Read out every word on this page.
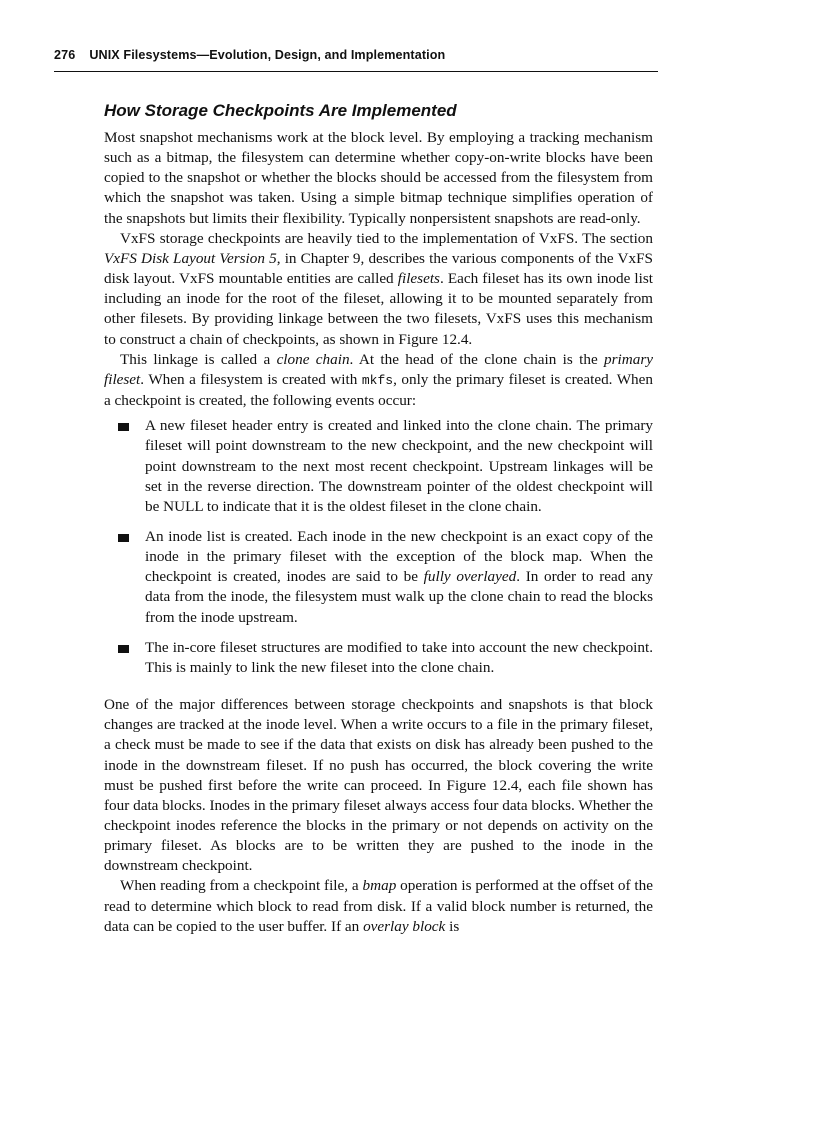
276 UNIX Filesystems—Evolution, Design, and Implementation
How Storage Checkpoints Are Implemented

Most snapshot mechanisms work at the block level. By employing a tracking mechanism such as a bitmap, the filesystem can determine whether copy-on-write blocks have been copied to the snapshot or whether the blocks should be accessed from the filesystem from which the snapshot was taken. Using a simple bitmap technique simplifies operation of the snapshots but limits their flexibility. Typically nonpersistent snapshots are read-only.

VxFS storage checkpoints are heavily tied to the implementation of VxFS. The section VxFS Disk Layout Version 5, in Chapter 9, describes the various components of the VxFS disk layout. VxFS mountable entities are called filesets. Each fileset has its own inode list including an inode for the root of the fileset, allowing it to be mounted separately from other filesets. By providing linkage between the two filesets, VxFS uses this mechanism to construct a chain of checkpoints, as shown in Figure 12.4.

This linkage is called a clone chain. At the head of the clone chain is the primary fileset. When a filesystem is created with mkfs, only the primary fileset is created. When a checkpoint is created, the following events occur:

A new fileset header entry is created and linked into the clone chain. The primary fileset will point downstream to the new checkpoint, and the new checkpoint will point downstream to the next most recent checkpoint. Upstream linkages will be set in the reverse direction. The downstream pointer of the oldest checkpoint will be NULL to indicate that it is the oldest fileset in the clone chain.
An inode list is created. Each inode in the new checkpoint is an exact copy of the inode in the primary fileset with the exception of the block map. When the checkpoint is created, inodes are said to be fully overlayed. In order to read any data from the inode, the filesystem must walk up the clone chain to read the blocks from the inode upstream.
The in-core fileset structures are modified to take into account the new checkpoint. This is mainly to link the new fileset into the clone chain.

One of the major differences between storage checkpoints and snapshots is that block changes are tracked at the inode level. When a write occurs to a file in the primary fileset, a check must be made to see if the data that exists on disk has already been pushed to the inode in the downstream fileset. If no push has occurred, the block covering the write must be pushed first before the write can proceed. In Figure 12.4, each file shown has four data blocks. Inodes in the primary fileset always access four data blocks. Whether the checkpoint inodes reference the blocks in the primary or not depends on activity on the primary fileset. As blocks are to be written they are pushed to the inode in the downstream checkpoint.

When reading from a checkpoint file, a bmap operation is performed at the offset of the read to determine which block to read from disk. If a valid block number is returned, the data can be copied to the user buffer. If an overlay block is
